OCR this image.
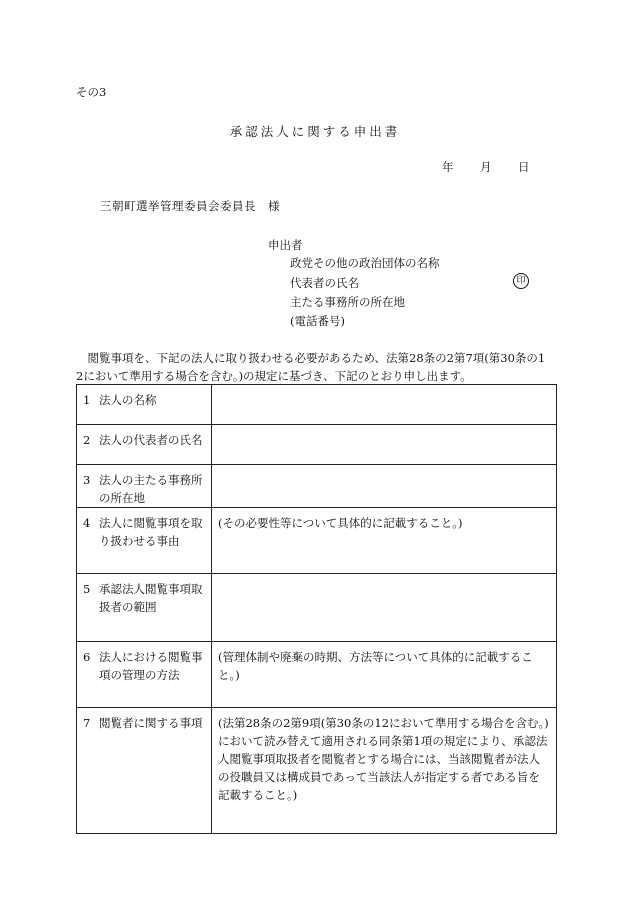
その3
承認法人に関する申出書
年 月 日
三朝町選挙管理委員会委員長　様
申出者
政党その他の政治団体の名称
代表者の氏名
主たる事務所の所在地
(電話番号)
印
　閲覧事項を、下記の法人に取り扱わせる必要があるため、法第28条の2第7項(第30条の1
2において準用する場合を含む。)の規定に基づき、下記のとおり申し出ます。
1 法人の名称	
2 法人の代表者の氏名	
3 法人の主たる事務所の所在地	
4 法人に閲覧事項を取り扱わせる事由	(その必要性等について具体的に記載すること。)
5 承認法人閲覧事項取扱者の範囲	
6 法人における閲覧事項の管理の方法	(管理体制や廃棄の時期、方法等について具体的に記載すること。)
7 閲覧者に関する事項	(法第28条の2第9項(第30条の12において準用する場合を含む。)において読み替えて適用される同条第1項の規定により、承認法人閲覧事項取扱者を閲覧者とする場合には、当該閲覧者が法人の役職員又は構成員であって当該法人が指定する者である旨を記載すること。)
